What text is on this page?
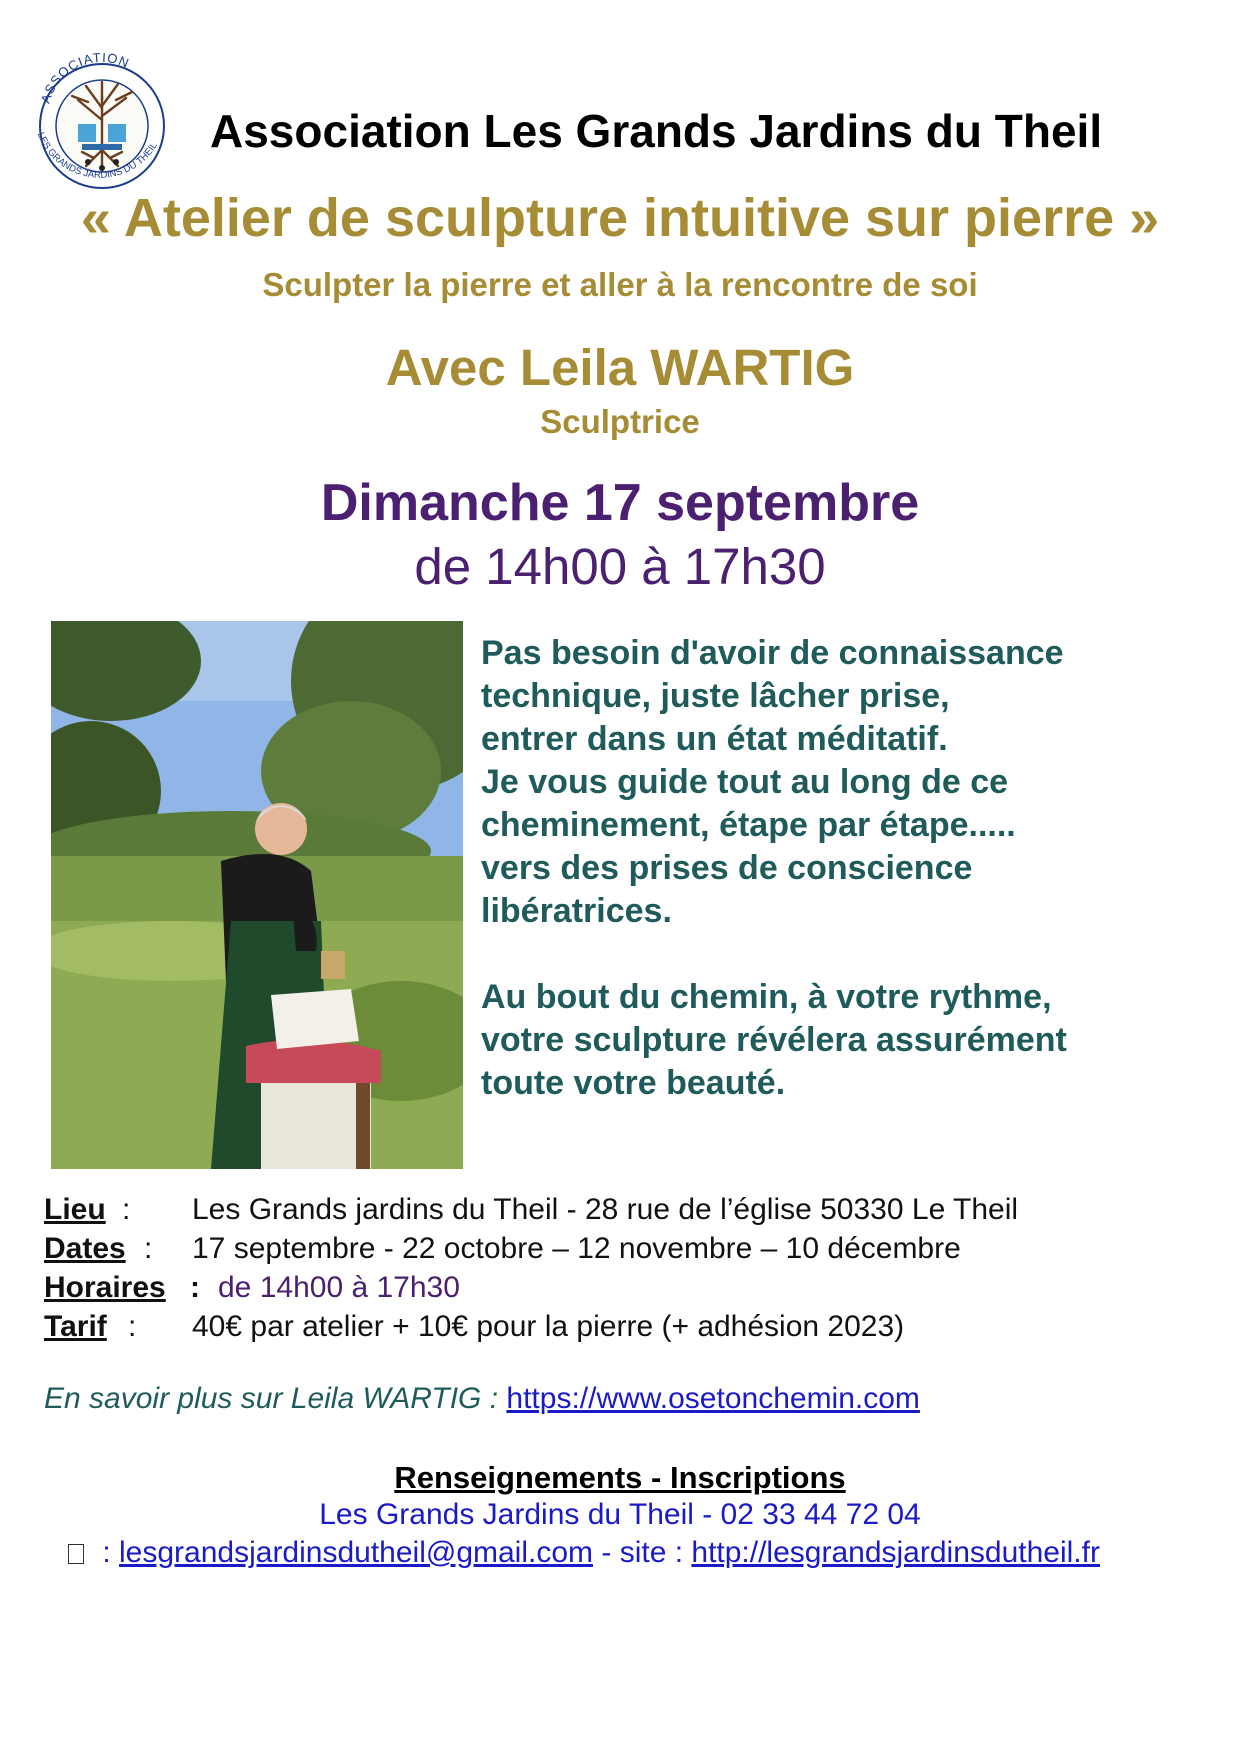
ASSOCIATION
LES GRANDS JARDINS DU THEIL Association Les Grands Jardins du Theil
« Atelier de sculpture intuitive sur pierre »
Sculpter la pierre et aller à la rencontre de soi
Avec Leila WARTIG
Sculptrice
Dimanche 17 septembre
de 14h00 à 17h30

Pas besoin d'avoir de connaissance

technique, juste lâcher prise,

entrer dans un état méditatif.

Je vous guide tout au long de ce

cheminement, étape par étape.....

vers des prises de conscience

libératrices.

Au bout du chemin, à votre rythme,

votre sculpture révélera assurément

toute votre beauté.

Lieu : Les Grands jardins du Theil - 28 rue de l’église 50330 Le Theil
Dates : 17 septembre - 22 octobre – 12 novembre – 10 décembre
Horaires : de 14h00 à 17h30
Tarif : 40€ par atelier + 10€ pour la pierre (+ adhésion 2023)
En savoir plus sur Leila WARTIG : https://www.osetonchemin.com
Renseignements - Inscriptions
Les Grands Jardins du Theil - 02 33 44 72 04
: lesgrandsjardinsdutheil@gmail.com - site : http://lesgrandsjardinsdutheil.fr
